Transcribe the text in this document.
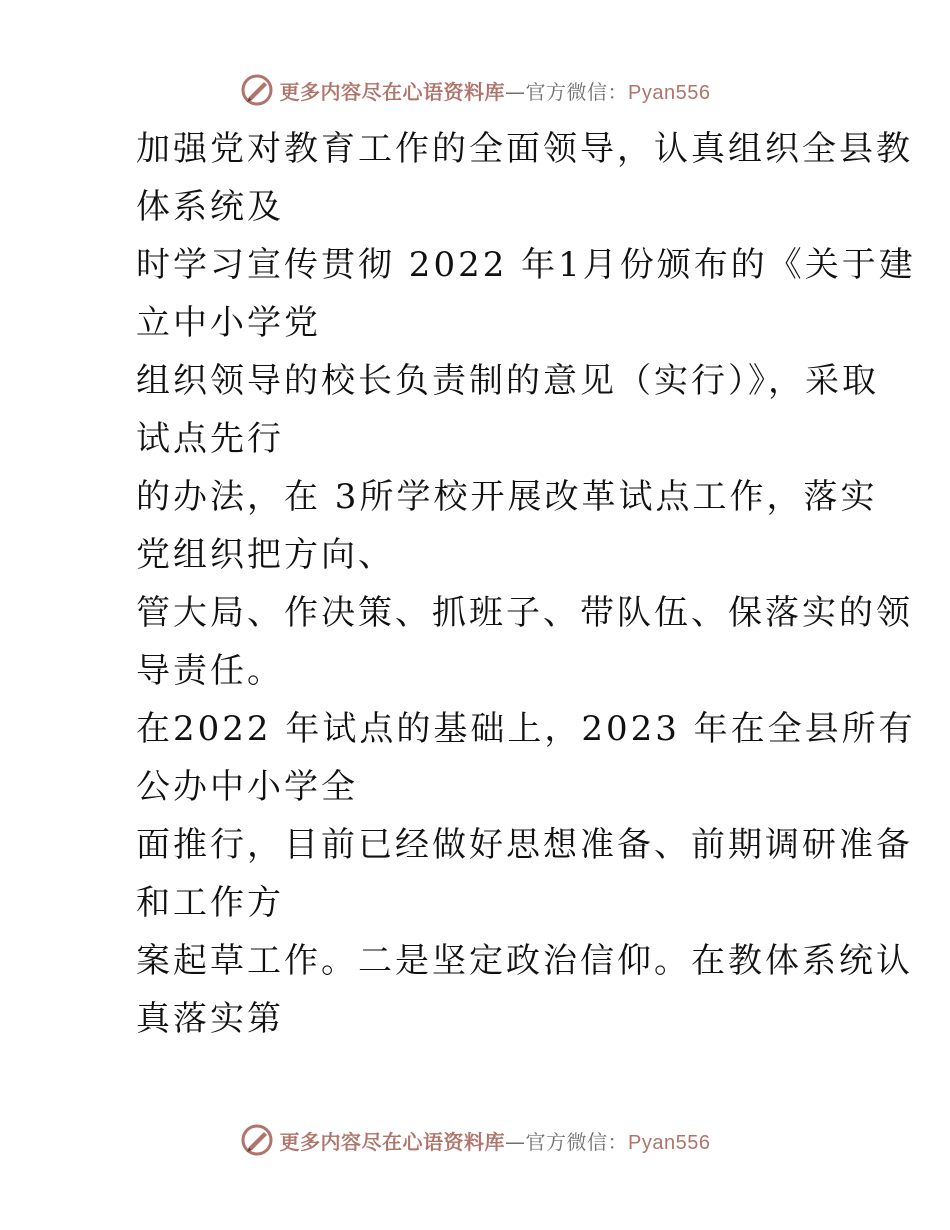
更多内容尽在心语资料库 —官方微信： Pyan556

加强党对教育工作的全面领导，认真组织全县教

体系统及

时学习宣传贯彻 2022 年1月份颁布的《关于建

立中小学党

组织领导的校长负责制的意见（实行）》，采取

试点先行

的办法，在 3所学校开展改革试点工作，落实

党组织把方向、

管大局、作决策、抓班子、带队伍、保落实的领

导责任。

在2022 年试点的基础上，2023 年在全县所有

公办中小学全

面推行，目前已经做好思想准备、前期调研准备

和工作方

案起草工作。二是坚定政治信仰。在教体系统认

真落实第

更多内容尽在心语资料库 —官方微信： Pyan556
